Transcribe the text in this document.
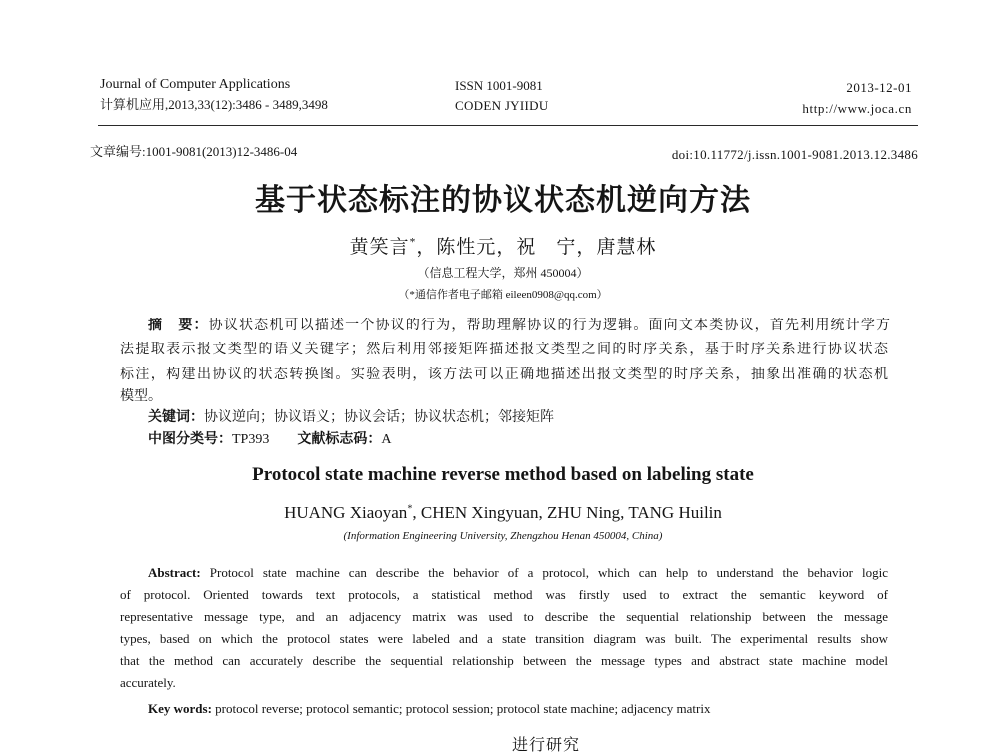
Journal of Computer Applications
计算机应用,2013,33(12):3486 - 3489,3498
ISSN 1001-9081
CODEN JYIIDU
2013-12-01
http://www.joca.cn
文章编号:1001-9081(2013)12-3486-04	doi:10.11772/j.issn.1001-9081.2013.12.3486
基于状态标注的协议状态机逆向方法
黄笑言*，陈性元，祝　宁，唐慧林
（信息工程大学，郑州 450004）
（*通信作者电子邮箱 eileen0908@qq.com）
摘　要：协议状态机可以描述一个协议的行为，帮助理解协议的行为逻辑。面向文本类协议，首先利用统计学方
法提取表示报文类型的语义关键字；然后利用邻接矩阵描述报文类型之间的时序关系，基于时序关系进行协议状态
标注，构建出协议的状态转换图。实验表明，该方法可以正确地描述出报文类型的时序关系，抽象出准确的状态机
模型。
关键词：协议逆向；协议语义；协议会话；协议状态机；邻接矩阵
中图分类号：TP393 文献标志码：A
Protocol state machine reverse method based on labeling state
HUANG Xiaoyan*, CHEN Xingyuan, ZHU Ning, TANG Huilin
(Information Engineering University, Zhengzhou Henan 450004, China)
Abstract: Protocol state machine can describe the behavior of a protocol, which can help to understand the behavior logic
of protocol. Oriented towards text protocols, a statistical method was firstly used to extract the semantic keyword of
representative message type, and an adjacency matrix was used to describe the sequential relationship between the message
types, based on which the protocol states were labeled and a state transition diagram was built. The experimental results show
that the method can accurately describe the sequential relationship between the message types and abstract state machine model
accurately.
Key words: protocol reverse; protocol semantic; protocol session; protocol state machine; adjacency matrix
进行研究
